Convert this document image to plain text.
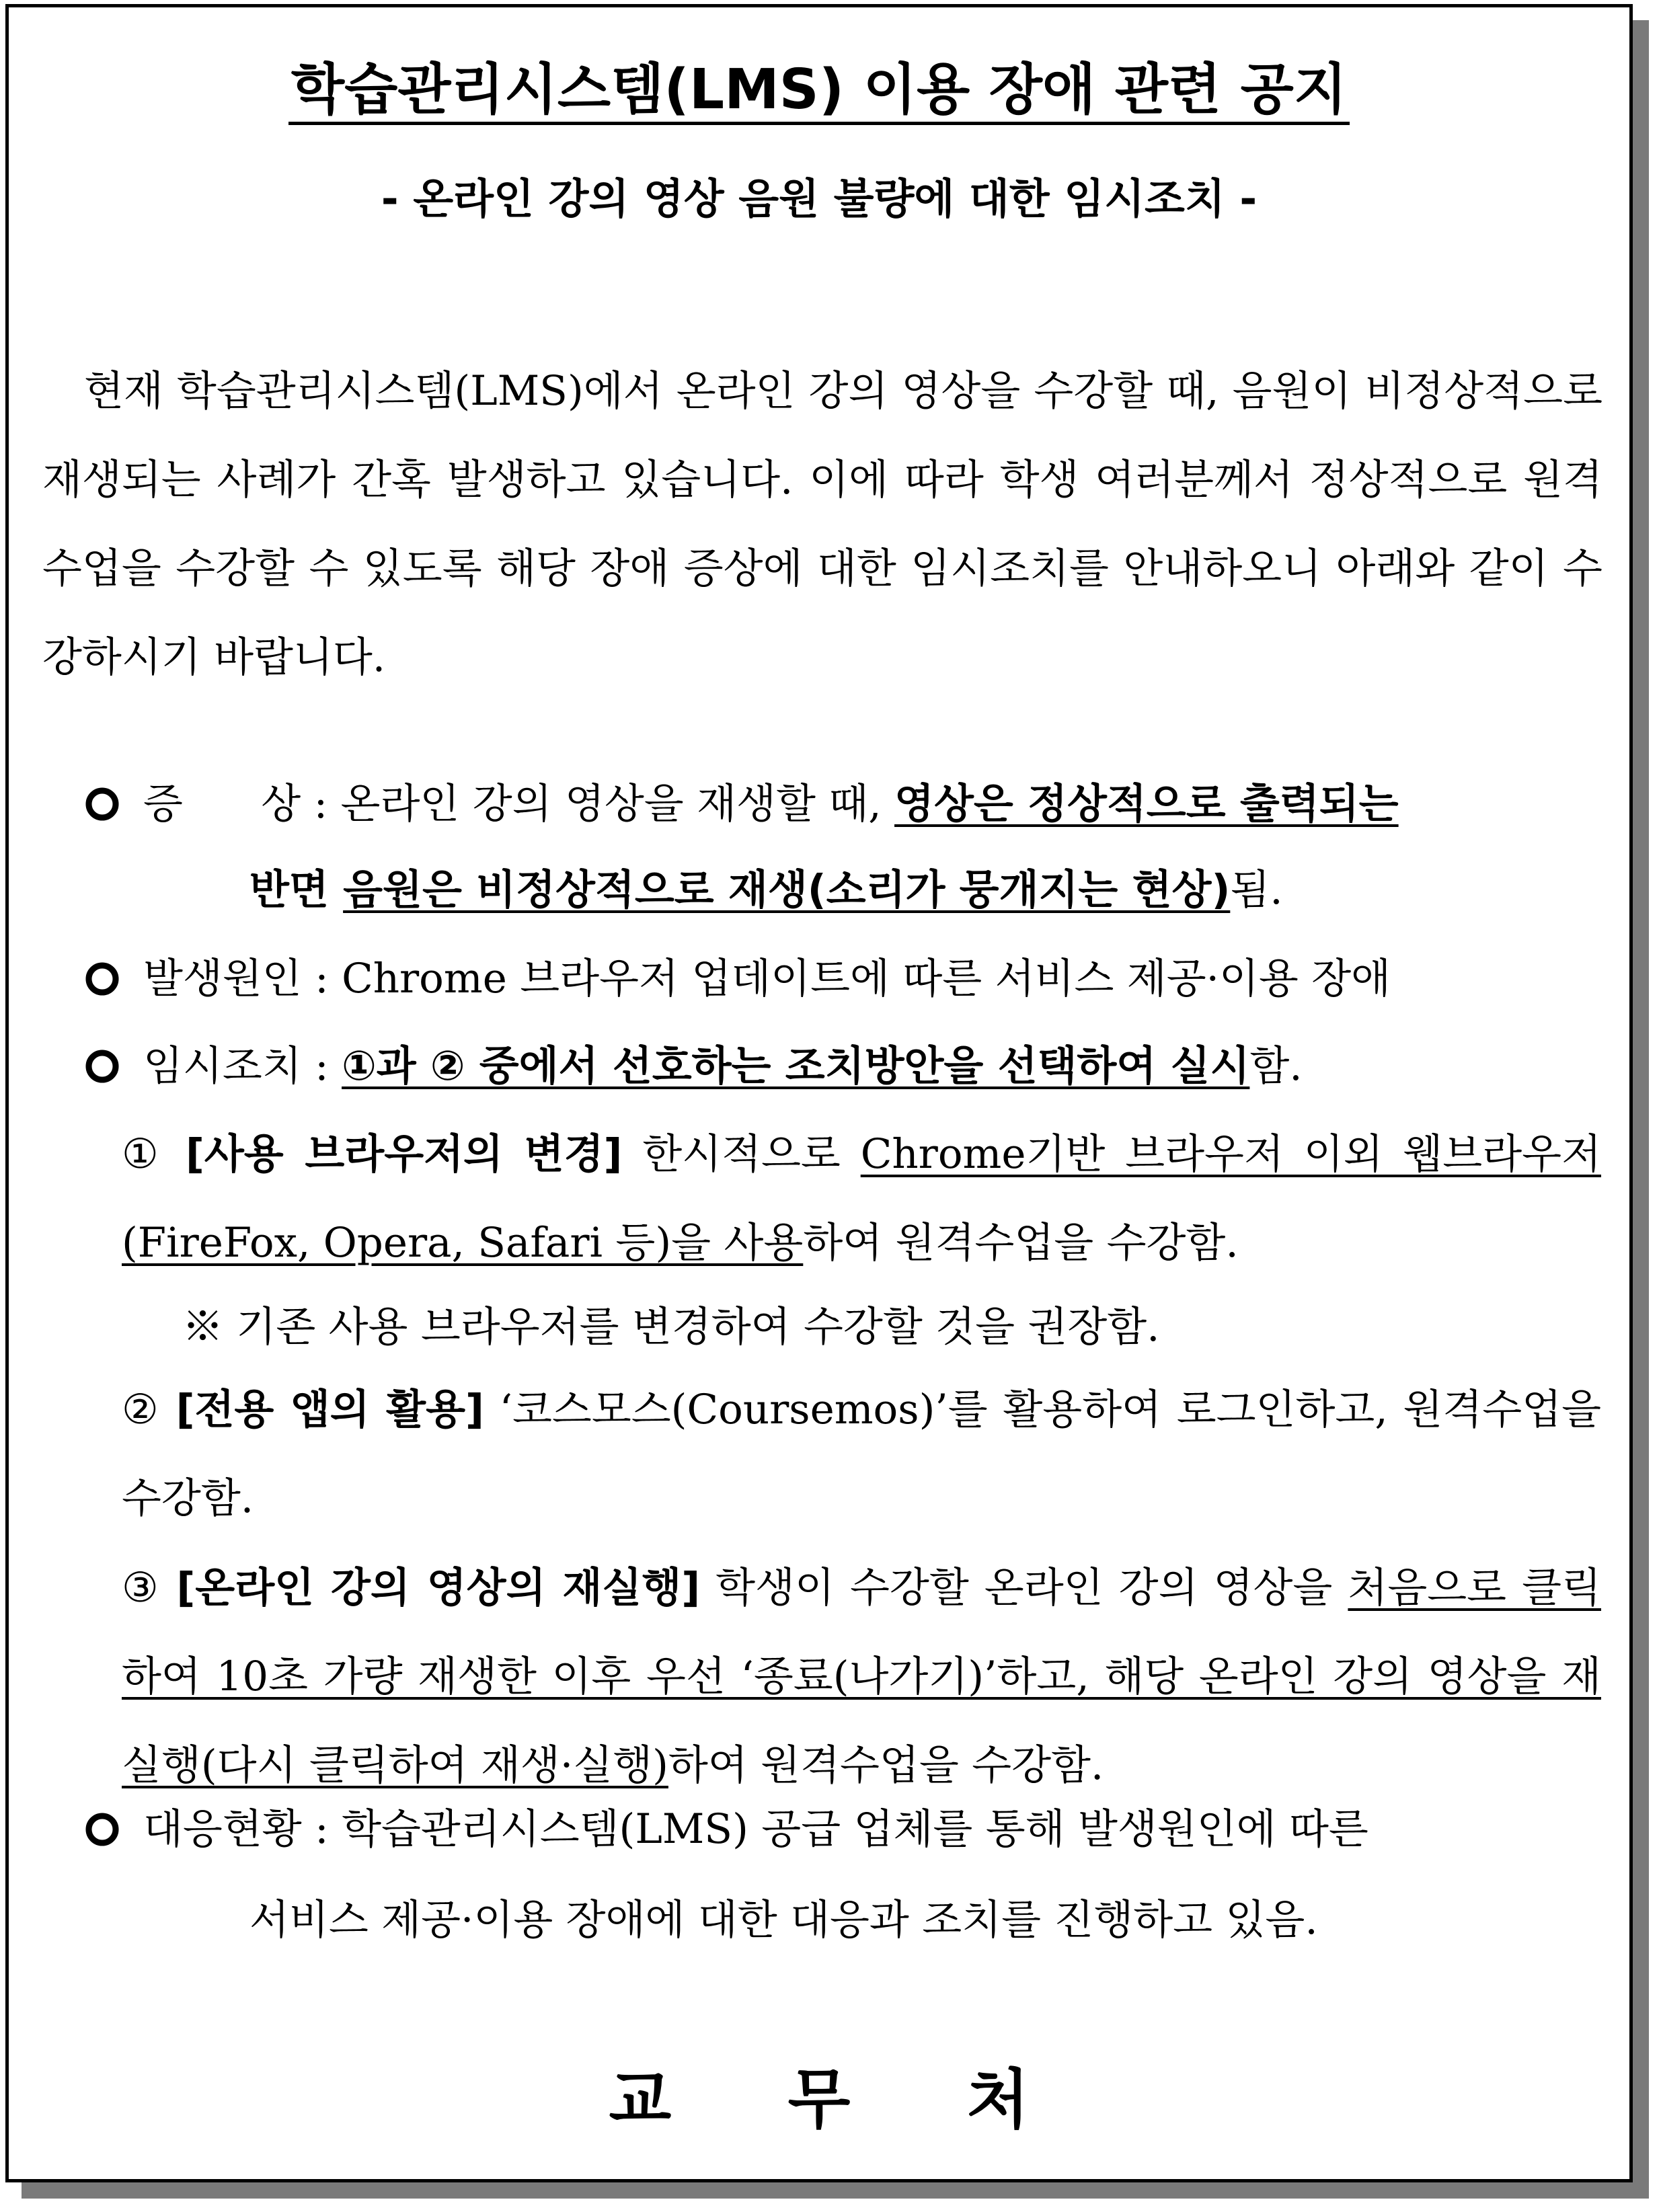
학습관리시스템(LMS) 이용 장애 관련 공지
- 온라인 강의 영상 음원 불량에 대한 임시조치 -
현재 학습관리시스템(LMS)에서 온라인 강의 영상을 수강할 때, 음원이 비정상적으로 재생되는 사례가 간혹 발생하고 있습니다. 이에 따라 학생 여러분께서 정상적으로 원격수업을 수강할 수 있도록 해당 장애 증상에 대한 임시조치를 안내하오니 아래와 같이 수강하시기 바랍니다.
증      상 : 온라인 강의 영상을 재생할 때, 영상은 정상적으로 출력되는
반면 음원은 비정상적으로 재생(소리가 뭉개지는 현상)됨.
발생원인 : Chrome 브라우저 업데이트에 따른 서비스 제공·이용 장애
임시조치 : ①과 ② 중에서 선호하는 조치방안을 선택하여 실시함.
① [사용 브라우저의 변경] 한시적으로 Chrome기반 브라우저 이외 웹브라우저(FireFox, Opera, Safari 등)을 사용하여 원격수업을 수강함.
※ 기존 사용 브라우저를 변경하여 수강할 것을 권장함.
② [전용 앱의 활용] ‘코스모스(Coursemos)’를 활용하여 로그인하고, 원격수업을 수강함.
③ [온라인 강의 영상의 재실행] 학생이 수강할 온라인 강의 영상을 처음으로 클릭하여 10초 가량 재생한 이후 우선 ‘종료(나가기)’하고, 해당 온라인 강의 영상을 재실행(다시 클릭하여 재생·실행)하여 원격수업을 수강함.
대응현황 : 학습관리시스템(LMS) 공급 업체를 통해 발생원인에 따른
서비스 제공·이용 장애에 대한 대응과 조치를 진행하고 있음.
교 무 처
